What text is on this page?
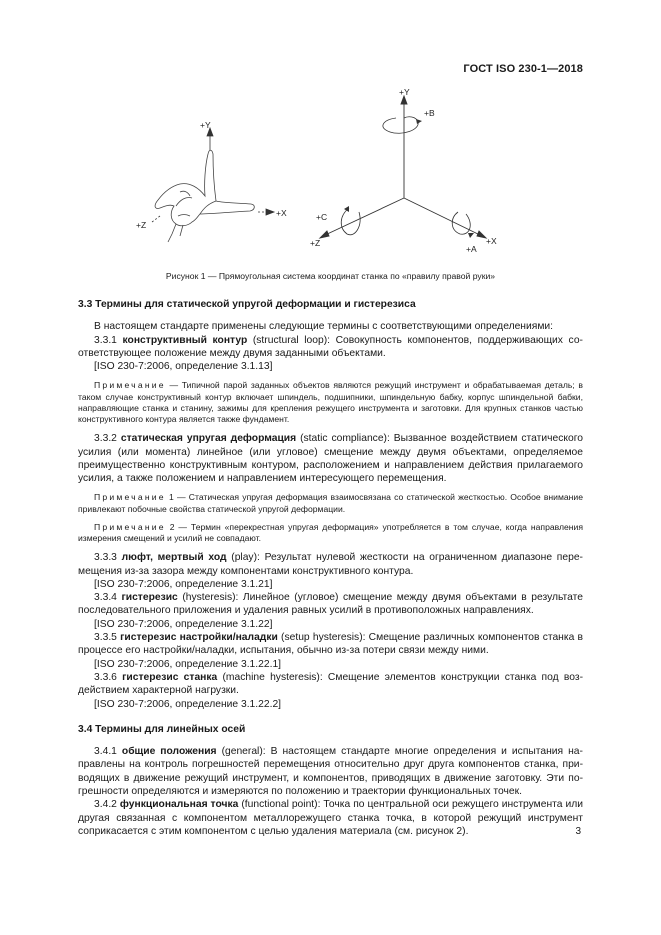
ГОСТ ISO 230-1—2018
+Y
+X
+Z
+Y
+B
+C
+Z	+X
+A
Рисунок 1 — Прямоугольная система координат станка по «правилу правой руки»

3.3 Термины для статической упругой деформации и гистерезиса

В настоящем стандарте применены следующие термины с соответствующими определениями:

3.3.1 конструктивный контур (structural loop): Совокупность компонентов, поддерживающих соответствующее положение между двумя заданными объектами.

[ISO 230-7:2006, определение 3.1.13]

Примечание — Типичной парой заданных объектов являются режущий инструмент и обрабатываемая деталь; в таком случае конструктивный контур включает шпиндель, подшипники, шпиндельную бабку, корпус шпиндельной бабки, направляющие станка и станину, зажимы для крепления режущего инструмента и заготовки. Для крупных станков частью конструктивного контура является также фундамент.

3.3.2 статическая упругая деформация (static compliance): Вызванное воздействием статического усилия (или момента) линейное (или угловое) смещение между двумя объектами, определяемое преимущественно конструктивным контуром, расположением и направлением действия прилагаемого усилия, а также положением и направлением интересующего перемещения.

Примечание 1 — Статическая упругая деформация взаимосвязана со статической жесткостью. Особое внимание привлекают побочные свойства статической упругой деформации.

Примечание 2 — Термин «перекрестная упругая деформация» употребляется в том случае, когда направления измерения смещений и усилий не совпадают.

3.3.3 люфт, мертвый ход (play): Результат нулевой жесткости на ограниченном диапазоне перемещения из-за зазора между компонентами конструктивного контура.

[ISO 230-7:2006, определение 3.1.21]

3.3.4 гистерезис (hysteresis): Линейное (угловое) смещение между двумя объектами в результате последовательного приложения и удаления равных усилий в противоположных направлениях.

[ISO 230-7:2006, определение 3.1.22]

3.3.5 гистерезис настройки/наладки (setup hysteresis): Смещение различных компонентов станка в процессе его настройки/наладки, испытания, обычно из-за потери связи между ними.

[ISO 230-7:2006, определение 3.1.22.1]

3.3.6 гистерезис станка (machine hysteresis): Смещение элементов конструкции станка под воздействием характерной нагрузки.

[ISO 230-7:2006, определение 3.1.22.2]

3.4 Термины для линейных осей

3.4.1 общие положения (general): В настоящем стандарте многие определения и испытания направлены на контроль погрешностей перемещения относительно друг друга компонентов станка, приводящих в движение режущий инструмент, и компонентов, приводящих в движение заготовку. Эти погрешности определяются и измеряются по положению и траектории функциональных точек.

3.4.2 функциональная точка (functional point): Точка по центральной оси режущего инструмента или другая связанная с компонентом металлорежущего станка точка, в которой режущий инструмент соприкасается с этим компонентом с целью удаления материала (см. рисунок 2).	3
